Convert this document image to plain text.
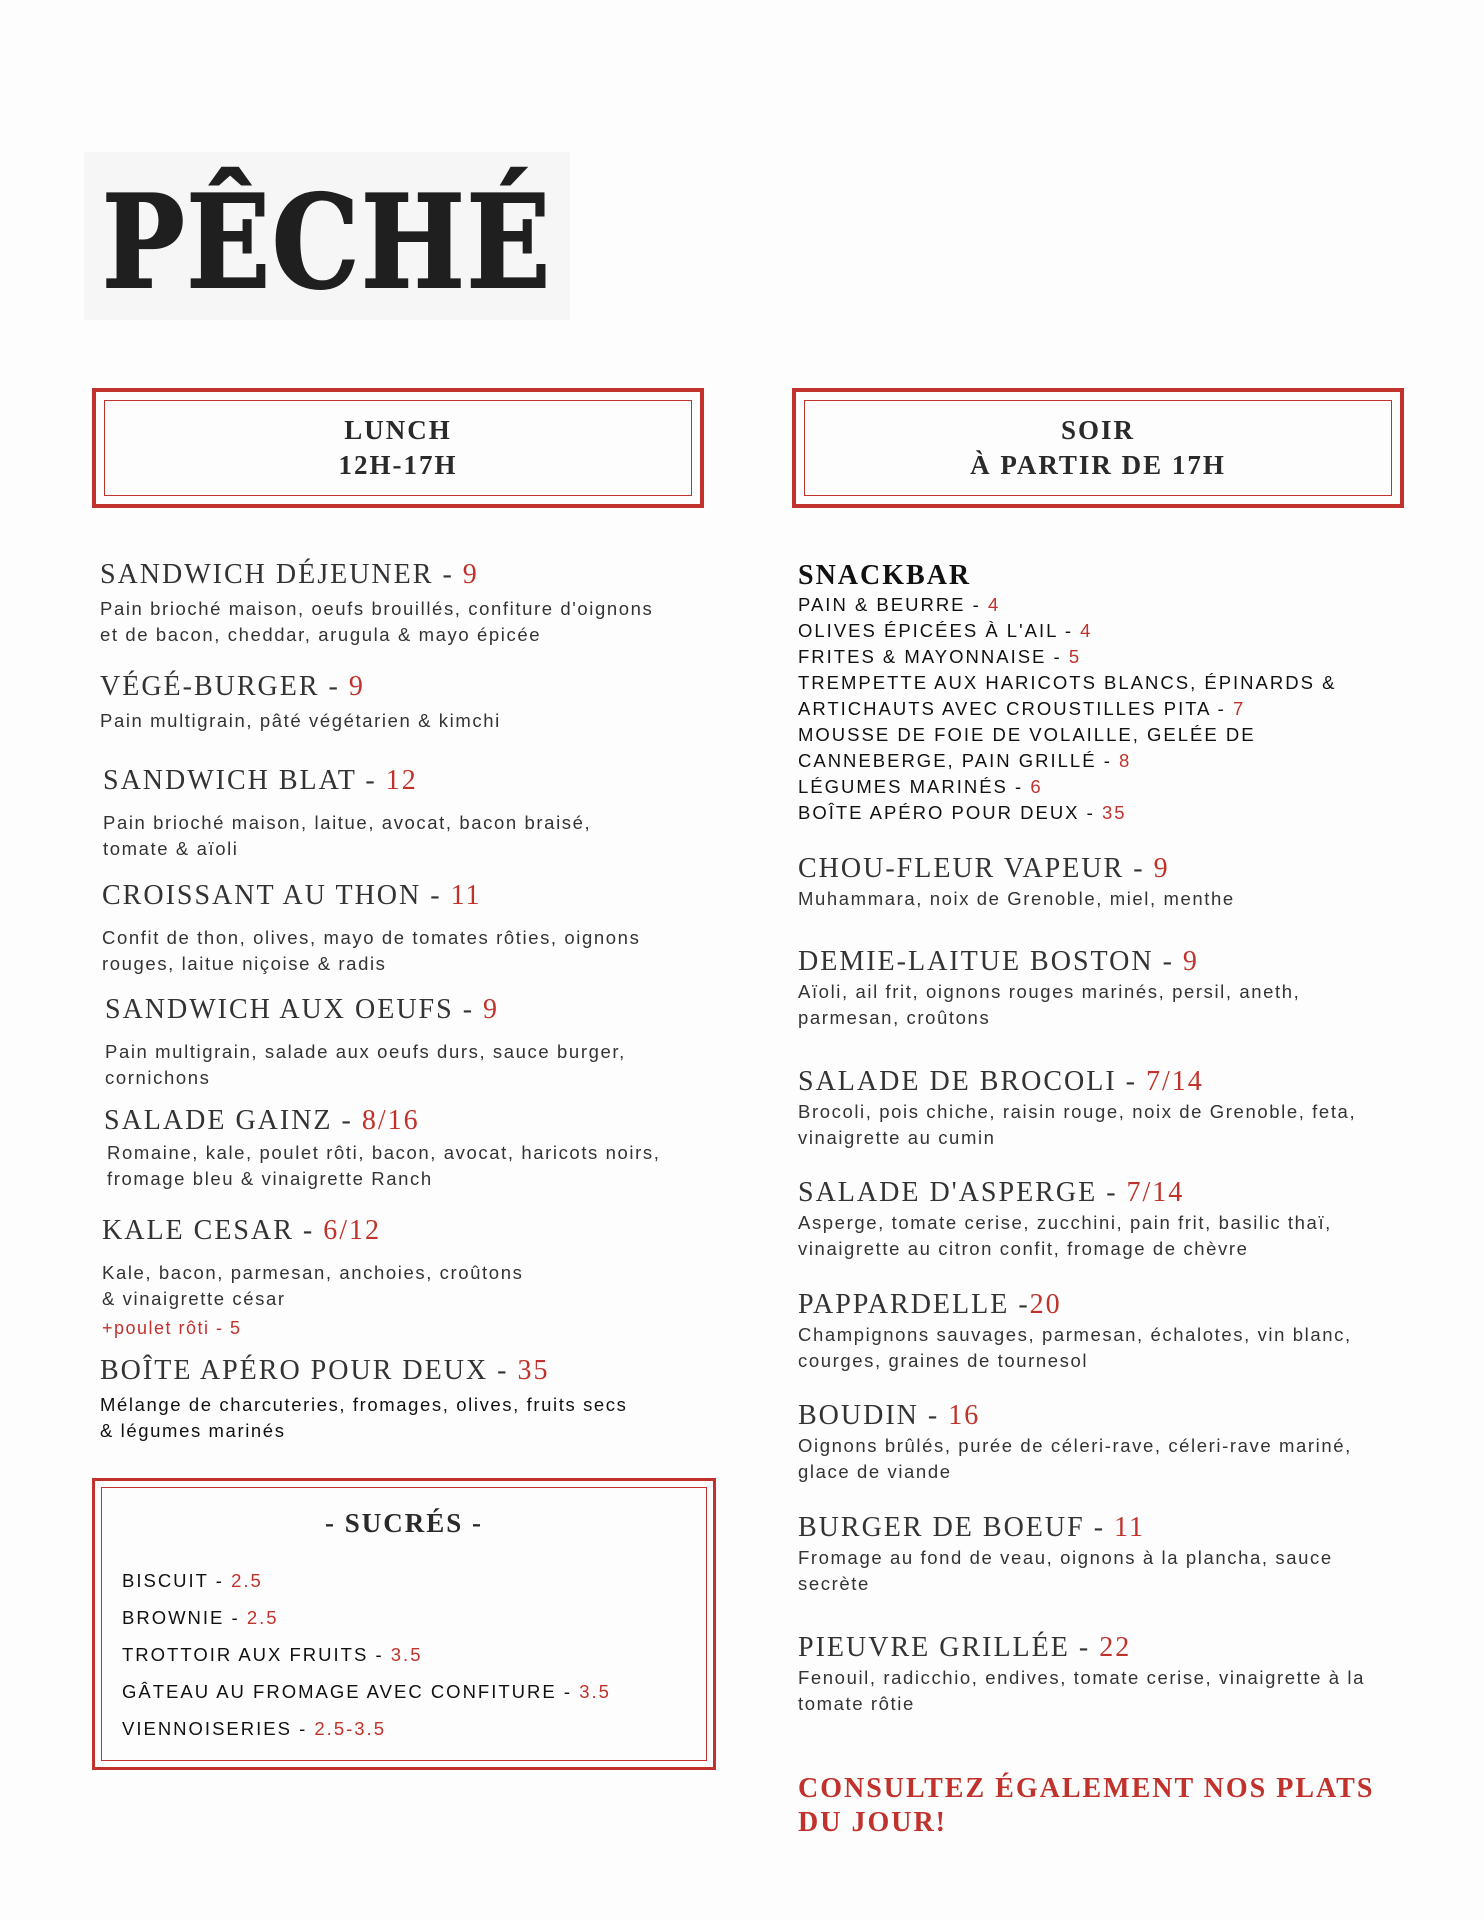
PÊCHÉ
LUNCH
12H-17H
SOIR
À PARTIR DE 17H
SANDWICH DÉJEUNER - 9
Pain brioché maison, oeufs brouillés, confiture d'oignons
et de bacon, cheddar, arugula & mayo épicée
VÉGÉ-BURGER - 9
Pain multigrain, pâté végétarien & kimchi
SANDWICH BLAT - 12
Pain brioché maison, laitue, avocat, bacon braisé,
tomate & aïoli
CROISSANT AU THON - 11
Confit de thon, olives, mayo de tomates rôties, oignons
rouges, laitue niçoise & radis
SANDWICH AUX OEUFS - 9
Pain multigrain, salade aux oeufs durs, sauce burger,
cornichons
SALADE GAINZ - 8/16
Romaine, kale, poulet rôti, bacon, avocat, haricots noirs,
fromage bleu & vinaigrette Ranch
KALE CESAR - 6/12
Kale, bacon, parmesan, anchoies, croûtons
& vinaigrette césar
+poulet rôti - 5
BOÎTE APÉRO POUR DEUX - 35
Mélange de charcuteries, fromages, olives, fruits secs
& légumes marinés
- SUCRÉS -
BISCUIT - 2.5
BROWNIE - 2.5
TROTTOIR AUX FRUITS - 3.5
GÂTEAU AU FROMAGE AVEC CONFITURE - 3.5
VIENNOISERIES - 2.5-3.5
SNACKBAR
PAIN & BEURRE - 4
OLIVES ÉPICÉES À L'AIL - 4
FRITES & MAYONNAISE - 5
TREMPETTE AUX HARICOTS BLANCS, ÉPINARDS &
ARTICHAUTS AVEC CROUSTILLES PITA - 7
MOUSSE DE FOIE DE VOLAILLE, GELÉE DE
CANNEBERGE, PAIN GRILLÉ - 8
LÉGUMES MARINÉS - 6
BOÎTE APÉRO POUR DEUX - 35
CHOU-FLEUR VAPEUR - 9
Muhammara, noix de Grenoble, miel, menthe
DEMIE-LAITUE BOSTON - 9
Aïoli, ail frit, oignons rouges marinés, persil, aneth,
parmesan, croûtons
SALADE DE BROCOLI - 7/14
Brocoli, pois chiche, raisin rouge, noix de Grenoble, feta,
vinaigrette au cumin
SALADE D'ASPERGE - 7/14
Asperge, tomate cerise, zucchini, pain frit, basilic thaï,
vinaigrette au citron confit, fromage de chèvre
PAPPARDELLE -20
Champignons sauvages, parmesan, échalotes, vin blanc,
courges, graines de tournesol
BOUDIN - 16
Oignons brûlés, purée de céleri-rave, céleri-rave mariné,
glace de viande
BURGER DE BOEUF - 11
Fromage au fond de veau, oignons à la plancha, sauce
secrète
PIEUVRE GRILLÉE - 22
Fenouil, radicchio, endives, tomate cerise, vinaigrette à la
tomate rôtie
CONSULTEZ ÉGALEMENT NOS PLATS
DU JOUR!
